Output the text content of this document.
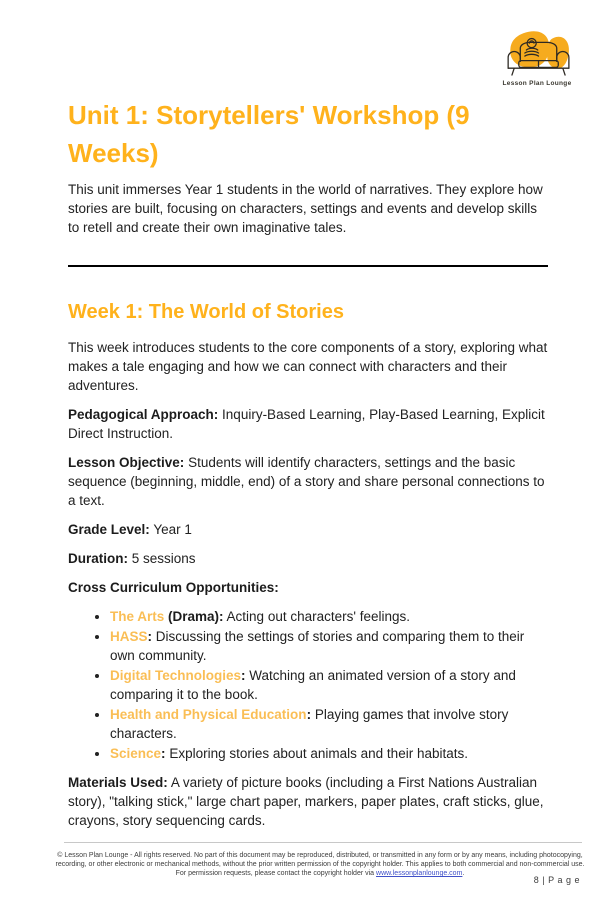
Lesson Plan Lounge
Unit 1: Storytellers' Workshop (9 Weeks)

This unit immerses Year 1 students in the world of narratives. They explore how stories are built, focusing on characters, settings and events and develop skills to retell and create their own imaginative tales.

Week 1: The World of Stories

This week introduces students to the core components of a story, exploring what makes a tale engaging and how we can connect with characters and their adventures.

Pedagogical Approach: Inquiry-Based Learning, Play-Based Learning, Explicit Direct Instruction.

Lesson Objective: Students will identify characters, settings and the basic sequence (beginning, middle, end) of a story and share personal connections to a text.

Grade Level: Year 1

Duration: 5 sessions

Cross Curriculum Opportunities:

• The Arts (Drama): Acting out characters' feelings.
• HASS: Discussing the settings of stories and comparing them to their own community.
• Digital Technologies: Watching an animated version of a story and comparing it to the book.
• Health and Physical Education: Playing games that involve story characters.
• Science: Exploring stories about animals and their habitats.

Materials Used: A variety of picture books (including a First Nations Australian story), "talking stick," large chart paper, markers, paper plates, craft sticks, glue, crayons, story sequencing cards.

© Lesson Plan Lounge - All rights reserved. No part of this document may be reproduced, distributed, or transmitted in any form or by any means, including photocopying, recording, or other electronic or mechanical methods, without the prior written permission of the copyright holder. This applies to both commercial and non-commercial use. For permission requests, please contact the copyright holder via www.lessonplanlounge.com.

8 | P a g e
